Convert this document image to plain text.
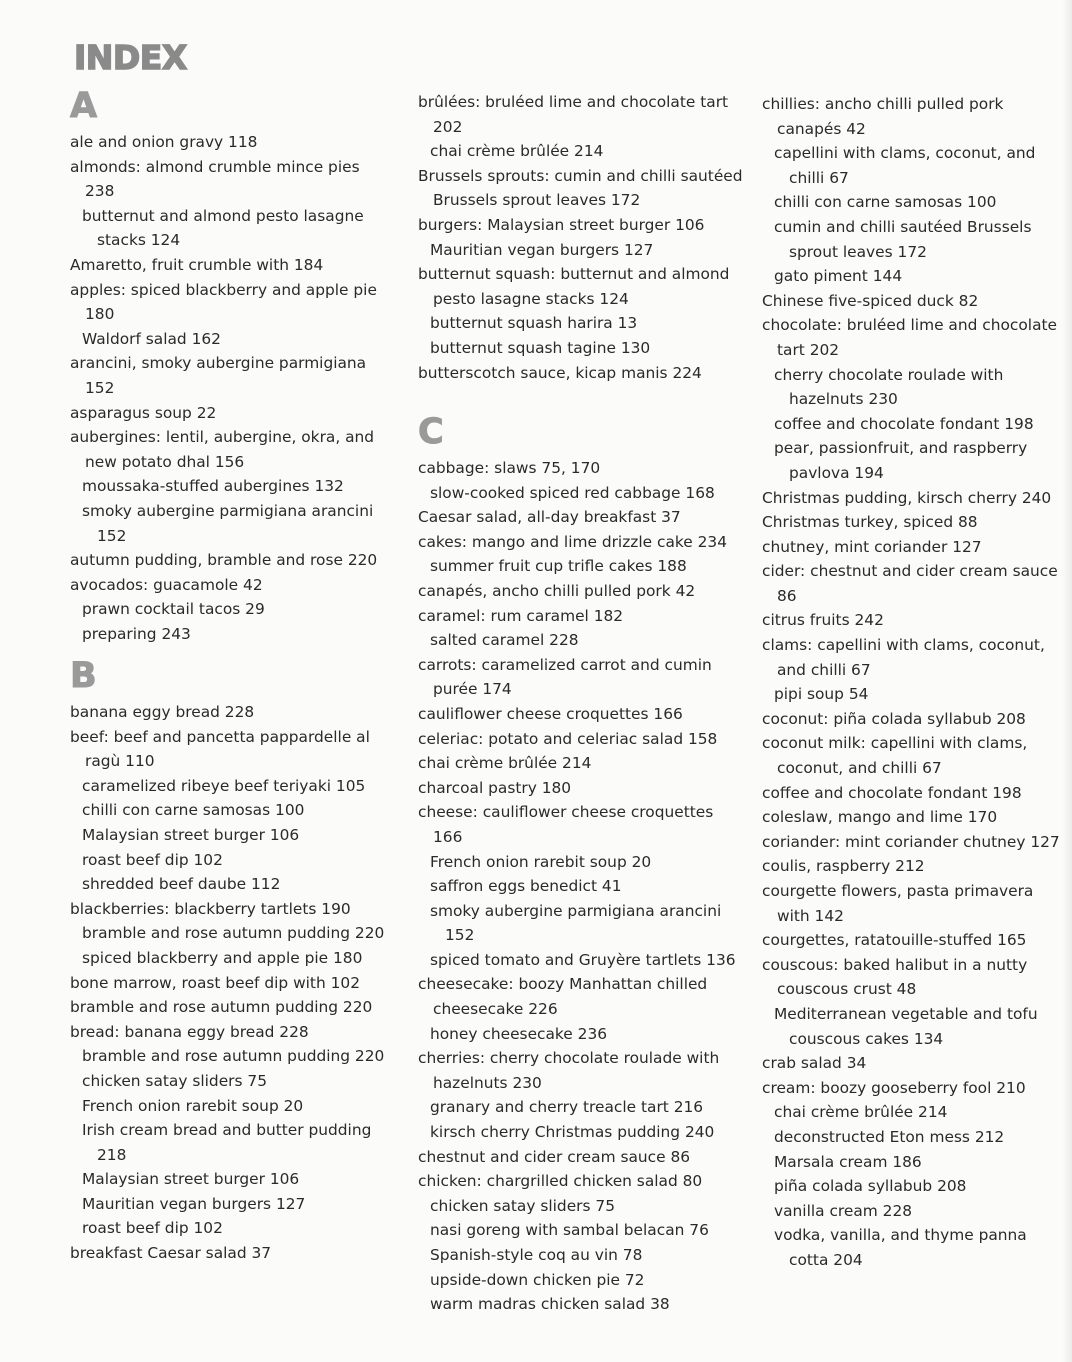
INDEX
A
ale and onion gravy 118
almonds: almond crumble mince pies 238
butternut and almond pesto lasagne stacks 124
Amaretto, fruit crumble with 184
apples: spiced blackberry and apple pie 180
Waldorf salad 162
arancini, smoky aubergine parmigiana 152
asparagus soup 22
aubergines: lentil, aubergine, okra, and new potato dhal 156
moussaka-stuffed aubergines 132
smoky aubergine parmigiana arancini 152
autumn pudding, bramble and rose 220
avocados: guacamole 42
prawn cocktail tacos 29
preparing 243
B
banana eggy bread 228
beef: beef and pancetta pappardelle al ragù 110
caramelized ribeye beef teriyaki 105
chilli con carne samosas 100
Malaysian street burger 106
roast beef dip 102
shredded beef daube 112
blackberries: blackberry tartlets 190
bramble and rose autumn pudding 220
spiced blackberry and apple pie 180
bone marrow, roast beef dip with 102
bramble and rose autumn pudding 220
bread: banana eggy bread 228
bramble and rose autumn pudding 220
chicken satay sliders 75
French onion rarebit soup 20
Irish cream bread and butter pudding 218
Malaysian street burger 106
Mauritian vegan burgers 127
roast beef dip 102
breakfast Caesar salad 37
brûlées: bruléed lime and chocolate tart 202
chai crème brûlée 214
Brussels sprouts: cumin and chilli sautéed Brussels sprout leaves 172
burgers: Malaysian street burger 106
Mauritian vegan burgers 127
butternut squash: butternut and almond pesto lasagne stacks 124
butternut squash harira 13
butternut squash tagine 130
butterscotch sauce, kicap manis 224
C
cabbage: slaws 75, 170
slow-cooked spiced red cabbage 168
Caesar salad, all-day breakfast 37
cakes: mango and lime drizzle cake 234
summer fruit cup trifle cakes 188
canapés, ancho chilli pulled pork 42
caramel: rum caramel 182
salted caramel 228
carrots: caramelized carrot and cumin purée 174
cauliflower cheese croquettes 166
celeriac: potato and celeriac salad 158
chai crème brûlée 214
charcoal pastry 180
cheese: cauliflower cheese croquettes 166
French onion rarebit soup 20
saffron eggs benedict 41
smoky aubergine parmigiana arancini 152
spiced tomato and Gruyère tartlets 136
cheesecake: boozy Manhattan chilled cheesecake 226
honey cheesecake 236
cherries: cherry chocolate roulade with hazelnuts 230
granary and cherry treacle tart 216
kirsch cherry Christmas pudding 240
chestnut and cider cream sauce 86
chicken: chargrilled chicken salad 80
chicken satay sliders 75
nasi goreng with sambal belacan 76
Spanish-style coq au vin 78
upside-down chicken pie 72
warm madras chicken salad 38
chillies: ancho chilli pulled pork canapés 42
capellini with clams, coconut, and chilli 67
chilli con carne samosas 100
cumin and chilli sautéed Brussels sprout leaves 172
gato piment 144
Chinese five-spiced duck 82
chocolate: bruléed lime and chocolate tart 202
cherry chocolate roulade with hazelnuts 230
coffee and chocolate fondant 198
pear, passionfruit, and raspberry pavlova 194
Christmas pudding, kirsch cherry 240
Christmas turkey, spiced 88
chutney, mint coriander 127
cider: chestnut and cider cream sauce 86
citrus fruits 242
clams: capellini with clams, coconut, and chilli 67
pipi soup 54
coconut: piña colada syllabub 208
coconut milk: capellini with clams, coconut, and chilli 67
coffee and chocolate fondant 198
coleslaw, mango and lime 170
coriander: mint coriander chutney 127
coulis, raspberry 212
courgette flowers, pasta primavera with 142
courgettes, ratatouille-stuffed 165
couscous: baked halibut in a nutty couscous crust 48
Mediterranean vegetable and tofu couscous cakes 134
crab salad 34
cream: boozy gooseberry fool 210
chai crème brûlée 214
deconstructed Eton mess 212
Marsala cream 186
piña colada syllabub 208
vanilla cream 228
vodka, vanilla, and thyme panna cotta 204
